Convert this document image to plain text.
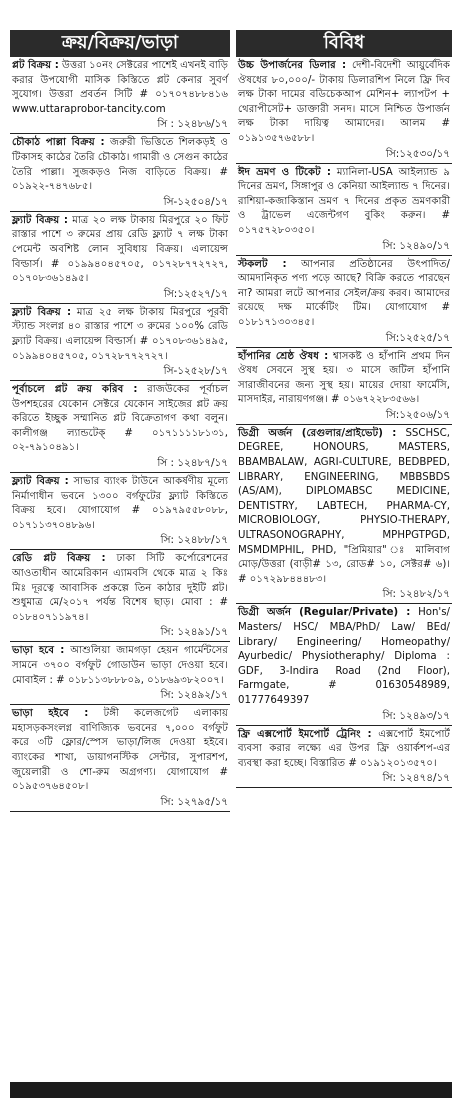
ক্রয়/বিক্রয়/ভাড়া

প্লট বিক্রয় : উত্তরা ১০নং সেক্টরের পাশেই এখনই বাড়ি করার উপযোগী মাসিক কিস্তিতে প্লট কেনার সুবর্ণ সুযোগ। উত্তরা প্রবর্তন সিটি # ০১৭০৭৪৮৮৪১৬ www.uttaraprobor-tancity.com

সি : ১২৪৮৬/১৭

চৌকাঠ পাল্লা বিক্রয় : জরুরী ভিত্তিতে শিলকড়ই ও টিকাসহ কাঠের তৈরি চৌকাঠ। গামারী ও সেগুন কাঠের তৈরি পাল্লা। সুজকড়ও নিজ বাড়িতে বিক্রয়। # ০১৯২২-৭৪৭৬৮৫।

সি-১২৫০৪/১৭

ফ্ল্যাট বিক্রয় : মাত্র ২০ লক্ষ টাকায় মিরপুরে ২০ ফিট রাস্তার পাশে ৩ রুমের প্রায় রেডি ফ্ল্যাট ৭ লক্ষ টাকা পেমেন্ট অবশিষ্ট লোন সুবিধায় বিক্রয়। এলায়েন্স বিল্ডার্স। # ০১৯৯৪০৪৫৭০৫, ০১৭২৮৭৭২৭২৭, ০১৭০৮৩৬১৪৯৫।

সি:১২৫২৭/১৭

ফ্ল্যাট বিক্রয় : মাত্র ২৫ লক্ষ টাকায় মিরপুরে পূরবী স্ট্যান্ড সংলগ্ন ৪০ রাস্তার পাশে ৩ রুমের ১০০% রেডি ফ্ল্যাট বিক্রয়। এলায়েন্স বিল্ডার্স। # ০১৭০৮৩৬১৪৯৫, ০১৯৯৪০৪৫৭০৫, ০১৭২৮৭৭২৭২৭।

সি-১২৫২৮/১৭

পূর্বাচলে প্লট ক্রয় করিব : রাজউকের পূর্বাচল উপশহরের যেকোন সেক্টরে যেকোন সাইজের প্লট ক্রয় করিতে ইচ্ছুক সম্মানিত প্লট বিক্রেতাগণ কথা বলুন। কালীগঞ্জ ল্যান্ডটেক্ # ০১৭১১১১৮১৩১, ০২-৭৯১০৪৯১।

সি : ১২৪৮৭/১৭

ফ্ল্যাট বিক্রয় : সাভার ব্যাংক টাউনে আকর্ষণীয় মূল্যে নির্মাণাধীন ভবনে ১৩০০ বর্গফুটের ফ্ল্যাট কিস্তিতে বিক্রয় হবে। যোগাযোগ # ০১৯৭৯৫৫৮০৮৮, ০১৭১১৩৭০৪৮৯৬।

সি: ১২৪৮৮/১৭

রেডি প্লট বিক্রয় : ঢাকা সিটি কর্পোরেশনের আওতাধীন আমেরিকান এ্যামবসি থেকে মাত্র ২ কিঃ মিঃ দূরত্বে আবাসিক প্রকল্পে তিন কাঠার দুইটি প্লট। শুধুমাত্র মে/২০১৭ পর্যন্ত বিশেষ ছাড়। মোবা : # ০১৮৪০৭১১৯৭৪।

সি: ১২৪৯১/১৭

ভাড়া হবে : আশুলিয়া জামগড়া হেয়ন গার্মেন্টসের সামনে ৩৭০০ বর্গফুট গোডাউন ভাড়া দেওয়া হবে। মোবাইল : # ০১৮১১৩৮৮৮০৯, ০১৮৬৯৩৮২০০৭।

সি: ১২৪৯২/১৭

ভাড়া হইবে : টঙ্গী কলেজগেট এলাকায় মহাসড়কসংলগ্ন বাণিজ্যিক ভবনের ৭,০০০ বর্গফুট করে ৩টি ফ্লোর/স্পেস ভাড়া/লিজ দেওয়া হইবে। ব্যাংকের শাখা, ডায়াগনস্টিক সেন্টার, সুপারশপ, জুয়েলারী ও শো-রুম অগ্রগণ্য। যোগাযোগ # ০১৯৫৩৭৬৪৫০৮।

সি: ১২৭৯৫/১৭

বিবিধ

উচ্চ উপার্জনের ডিলার : দেশী-বিদেশী আয়ুর্বেদিক ঔষধের ৮০,০০০/- টাকায় ডিলারশিপ নিলে ফ্রি দিব লক্ষ টাকা দামের বডিচেকআপ মেশিন+ ল্যাপটপ + থেরাপীসেট+ ডাক্তারী সনদ। মাসে নিশ্চিত উপার্জন লক্ষ টাকা দায়িত্ব আমাদের। আলম # ০১৯১৩৫৭৬৫৮৮।

সি:১২৫৩০/১৭

ঈদ ভ্রমণ ও টিকেট : ম্যানিলা-USA আইল্যান্ড ৯ দিনের ভ্রমণ, সিঙ্গাপুর ও কেনিয়া আইল্যান্ড ৭ দিনের। রাশিয়া-কজাকিস্তান ভ্রমণ ৭ দিনের প্রকৃত ভ্রমণকারী ও ট্রাভেল এজেন্টগণ বুকিং করুন। # ০১৭৫৭২৮০৩৫০।

সি: ১২৪৯০/১৭

স্টকলট : আপনার প্রতিষ্ঠানের উৎপাদিত/আমদানিকৃত পণ্য পড়ে আছে? বিক্রি করতে পারছেন না? আমরা লটে আপনার সেইল/ক্রয় করব। আমাদের রয়েছে দক্ষ মার্কেটিং টিম। যোগাযোগ # ০১৮১৭১৩০৩৪৫।

সি:১২৫২৫/১৭

হাঁপানির শ্রেষ্ঠ ঔষধ : শ্বাসকষ্ট ও হাঁপানি প্রথম দিন ঔষধ সেবনে সুস্থ হয়। ৩ মাসে জটিল হাঁপানি সারাজীবনের জন্য সুস্থ হয়। মায়ের দোয়া ফার্মেসি, মাসদাইর, নারায়ণগঞ্জ। # ০১৬৭২২৮৩৫৬৬।

সি:১২৫০৬/১৭

ডিগ্রী অর্জন (রেগুলার/প্রাইভেট) : SSCHSC, DEGREE, HONOURS, MASTERS, BBAMBALAW, AGRI-CULTURE, BEDBPED, LIBRARY, ENGINEERING, MBBSBDS (AS/AM), DIPLOMABSC MEDICINE, DENTISTRY, LABTECH, PHARMA-CY, MICROBIOLOGY, PHYSIO-THERAPY, ULTRASONOGRAPHY, MPHPGTPGD, MSMDMPHIL, PHD, "প্রিমিয়ার" ঃ মালিবাগ মোড়/উত্তরা (বাড়ী# ১৩, রোড# ১০, সেক্টর# ৬)। # ০১৭২৯৮৪৪৪৮৩।

সি: ১২৪৮২/১৭

ডিগ্রী অর্জন (Regular/Private) : Hon's/ Masters/ HSC/ MBA/PhD/ Law/ BEd/ Library/ Engineering/ Homeopathy/ Ayurbedic/ Physiotheraphy/ Diploma : GDF, 3-Indira Road (2nd Floor), Farmgate, # 01630548989, 01777649397

সি: ১২৪৯৩/১৭

ফ্রি এক্সপোর্ট ইমপোর্ট ট্রেনিং : এক্সপোর্ট ইমপোর্ট ব্যবসা করার লক্ষ্যে এর উপর ফ্রি ওয়ার্কশপ-এর ব্যবস্থা করা হচ্ছে। বিস্তারিত # ০১৯১২০১৩৫৭০।

সি: ১২৪৭৪/১৭
